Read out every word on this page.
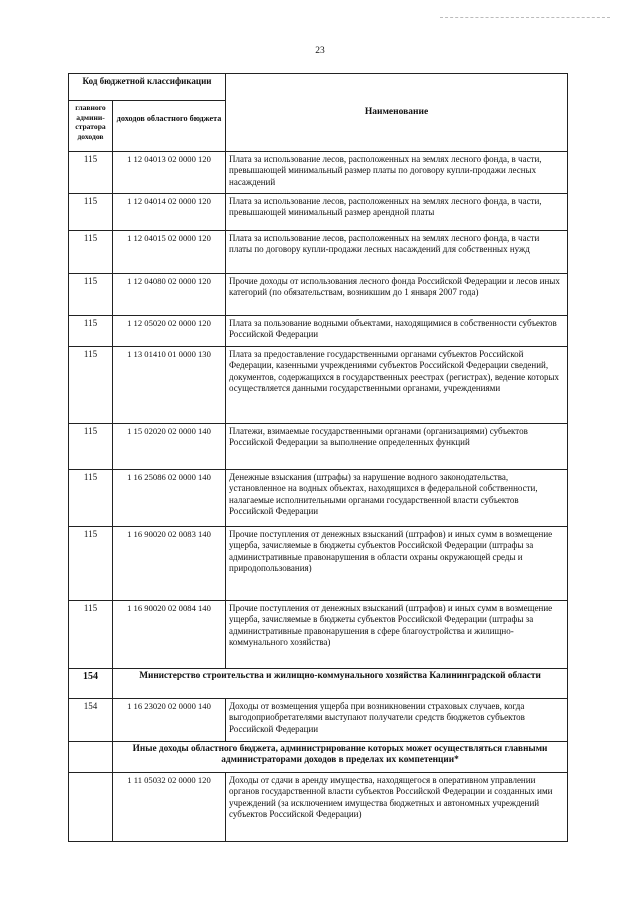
23
Код бюджетной классификации		Наименование
главного админи-стратора доходов	доходов областного бюджета	
115	1 12 04013 02 0000 120	Плата за использование лесов, расположенных на землях лесного фонда, в части, превышающей минимальный размер платы по договору купли-продажи лесных насаждений
115	1 12 04014 02 0000 120	Плата за использование лесов, расположенных на землях лесного фонда, в части, превышающей минимальный размер арендной платы
115	1 12 04015 02 0000 120	Плата за использование лесов, расположенных на землях лесного фонда, в части платы по договору купли-продажи лесных насаждений для собственных нужд
115	1 12 04080 02 0000 120	Прочие доходы от использования лесного фонда Российской Федерации и лесов иных категорий (по обязательствам, возникшим до 1 января 2007 года)
115	1 12 05020 02 0000 120	Плата за пользование водными объектами, находящимися в собственности субъектов Российской Федерации
115	1 13 01410 01 0000 130	Плата за предоставление государственными органами субъектов Российской Федерации, казенными учреждениями субъектов Российской Федерации сведений, документов, содержащихся в государственных реестрах (регистрах), ведение которых осуществляется данными государственными органами, учреждениями
115	1 15 02020 02 0000 140	Платежи, взимаемые государственными органами (организациями) субъектов Российской Федерации за выполнение определенных функций
115	1 16 25086 02 0000 140	Денежные взыскания (штрафы) за нарушение водного законодательства, установленное на водных объектах, находящихся в федеральной собственности, налагаемые исполнительными органами государственной власти субъектов Российской Федерации
115	1 16 90020 02 0083 140	Прочие поступления от денежных взысканий (штрафов) и иных сумм в возмещение ущерба, зачисляемые в бюджеты субъектов Российской Федерации (штрафы за административные правонарушения в области охраны окружающей среды и природопользования)
115	1 16 90020 02 0084 140	Прочие поступления от денежных взысканий (штрафов) и иных сумм в возмещение ущерба, зачисляемые в бюджеты субъектов Российской Федерации (штрафы за административные правонарушения в сфере благоустройства и жилищно-коммунального хозяйства)
154	Министерство строительства и жилищно-коммунального хозяйства Калининградской области	
154	1 16 23020 02 0000 140	Доходы от возмещения ущерба при возникновении страховых случаев, когда выгодоприобретателями выступают получатели средств бюджетов субъектов Российской Федерации
	Иные доходы областного бюджета, администрирование которых может осуществляться главными администраторами доходов в пределах их компетенции*	
	1 11 05032 02 0000 120	Доходы от сдачи в аренду имущества, находящегося в оперативном управлении органов государственной власти субъектов Российской Федерации и созданных ими учреждений (за исключением имущества бюджетных и автономных учреждений субъектов Российской Федерации)
